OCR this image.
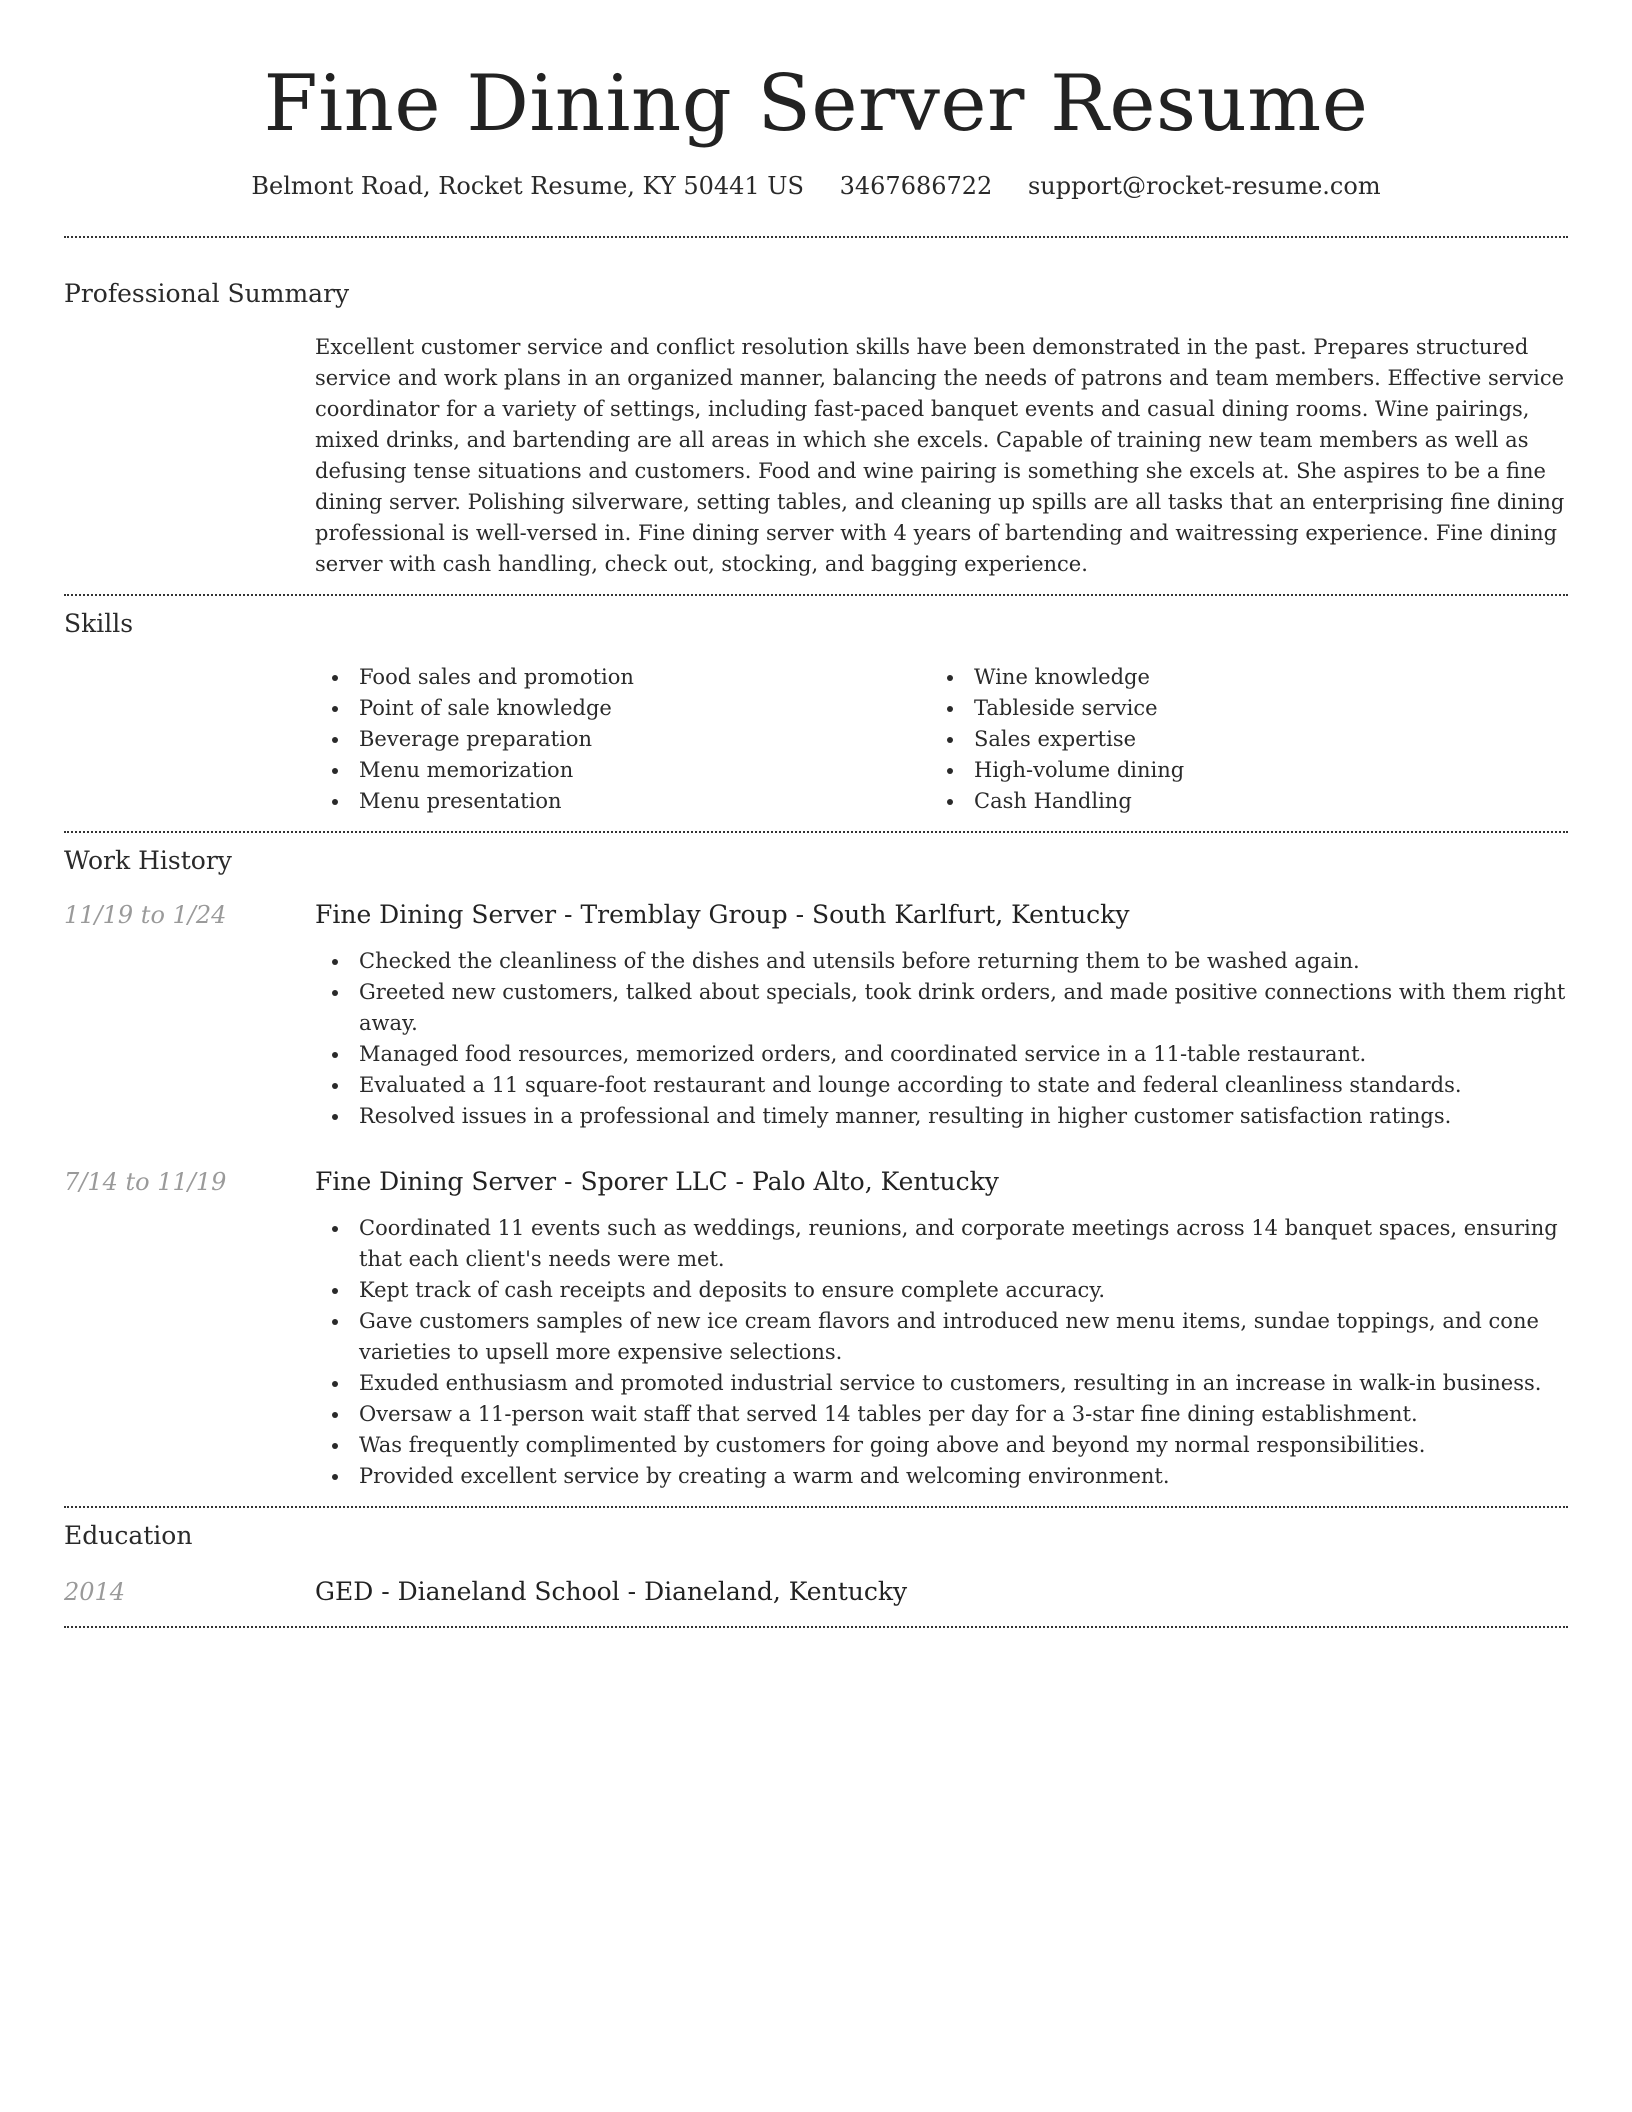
Fine Dining Server Resume
Belmont Road, Rocket Resume, KY 50441 US 3467686722 support@rocket-resume.com
Professional Summary

Excellent customer service and conflict resolution skills have been demonstrated in the past. Prepares structured service and work plans in an organized manner, balancing the needs of patrons and team members. Effective service coordinator for a variety of settings, including fast-paced banquet events and casual dining rooms. Wine pairings, mixed drinks, and bartending are all areas in which she excels. Capable of training new team members as well as defusing tense situations and customers. Food and wine pairing is something she excels at. She aspires to be a fine dining server. Polishing silverware, setting tables, and cleaning up spills are all tasks that an enterprising fine dining professional is well-versed in. Fine dining server with 4 years of bartending and waitressing experience. Fine dining server with cash handling, check out, stocking, and bagging experience.

Skills
Food sales and promotion
Point of sale knowledge
Beverage preparation
Menu memorization
Menu presentation
Wine knowledge
Tableside service
Sales expertise
High-volume dining
Cash Handling
Work History
11/19 to 1/24	Fine Dining Server - Tremblay Group - South Karlfurt, Kentucky
Checked the cleanliness of the dishes and utensils before returning them to be washed again.
Greeted new customers, talked about specials, took drink orders, and made positive connections with them right away.
Managed food resources, memorized orders, and coordinated service in a 11-table restaurant.
Evaluated a 11 square-foot restaurant and lounge according to state and federal cleanliness standards.
Resolved issues in a professional and timely manner, resulting in higher customer satisfaction ratings.
7/14 to 11/19	Fine Dining Server - Sporer LLC - Palo Alto, Kentucky
Coordinated 11 events such as weddings, reunions, and corporate meetings across 14 banquet spaces, ensuring that each client's needs were met.
Kept track of cash receipts and deposits to ensure complete accuracy.
Gave customers samples of new ice cream flavors and introduced new menu items, sundae toppings, and cone varieties to upsell more expensive selections.
Exuded enthusiasm and promoted industrial service to customers, resulting in an increase in walk-in business.
Oversaw a 11-person wait staff that served 14 tables per day for a 3-star fine dining establishment.
Was frequently complimented by customers for going above and beyond my normal responsibilities.
Provided excellent service by creating a warm and welcoming environment.
Education
2014	GED - Dianeland School - Dianeland, Kentucky
